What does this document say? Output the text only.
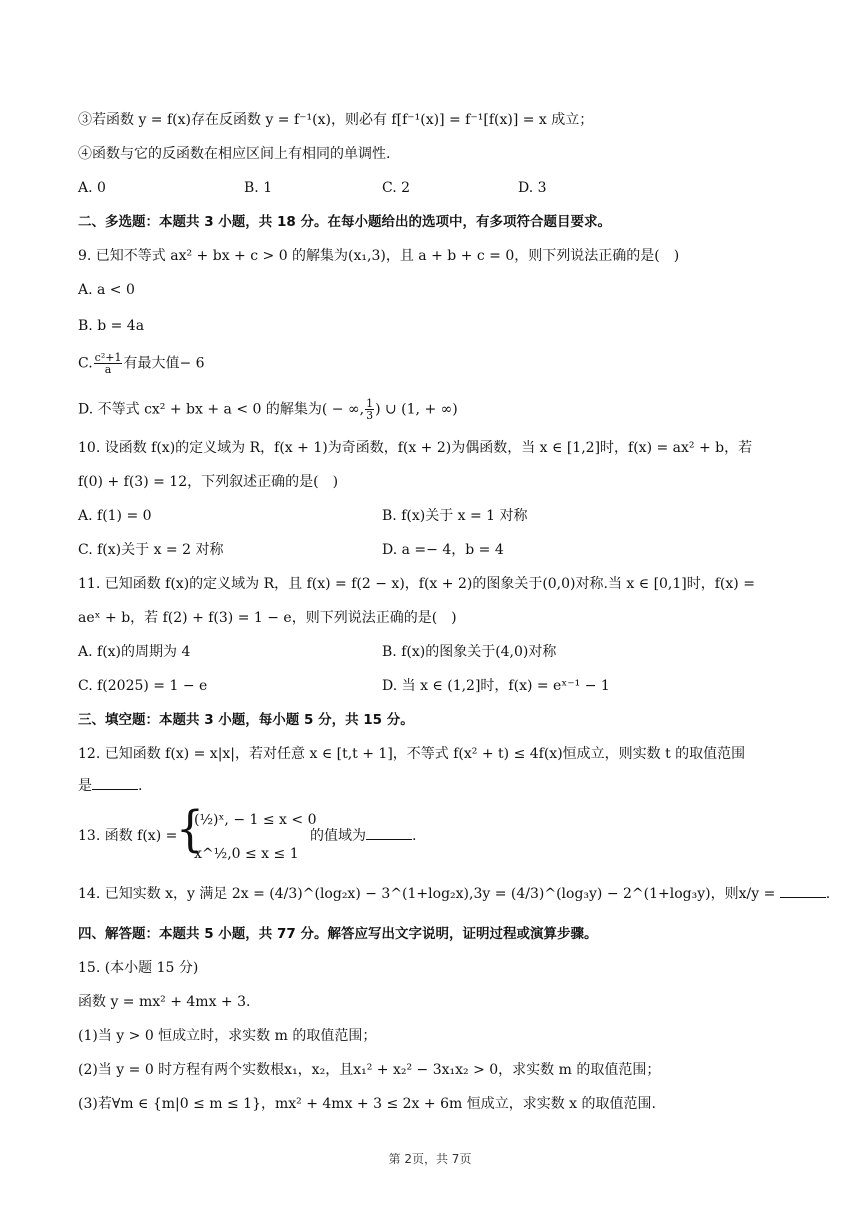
③若函数 y = f(x)存在反函数 y = f⁻¹(x)，则必有 f[f⁻¹(x)] = f⁻¹[f(x)] = x 成立；
④函数与它的反函数在相应区间上有相同的单调性.
A. 0	B. 1	C. 2	D. 3
二、多选题：本题共 3 小题，共 18 分。在每小题给出的选项中，有多项符合题目要求。
9. 已知不等式 ax² + bx + c > 0 的解集为(x₁,3)，且 a + b + c = 0，则下列说法正确的是(　)
A. a < 0
B. b = 4a
C. $\frac{\text{c²+1}}{a}$ 有最大值− 6
D. 不等式 cx² + bx + a < 0 的解集为( − ∞, $\frac{1}{3}$ ) ∪ (1, + ∞)
10. 设函数 f(x)的定义域为 R，f(x + 1)为奇函数，f(x + 2)为偶函数，当 x ∈ [1,2]时，f(x) = ax² + b，若
f(0) + f(3) = 12，下列叙述正确的是(　)
A. f(1) = 0	B. f(x)关于 x = 1 对称
C. f(x)关于 x = 2 对称	D. a =− 4，b = 4
11. 已知函数 f(x)的定义域为 R，且 f(x) = f(2 − x)，f(x + 2)的图象关于(0,0)对称.当 x ∈ [0,1]时，f(x) =
aeˣ + b，若 f(2) + f(3) = 1 − e，则下列说法正确的是(　)
A. f(x)的周期为 4	B. f(x)的图象关于(4,0)对称
C. f(2025) = 1 − e	D. 当 x ∈ (1,2]时，f(x) = eˣ⁻¹ − 1
三、填空题：本题共 3 小题，每小题 5 分，共 15 分。
12. 已知函数 f(x) = x|x|，若对任意 x ∈ [t,t + 1]，不等式 f(x² + t) ≤ 4f(x)恒成立，则实数 t 的取值范围
是	.
13. 函数 f(x) =
{
(½)ˣ, − 1 ≤ x < 0
x^½,0 ≤ x ≤ 1
的值域为	.
14. 已知实数 x，y 满足 2x = (4/3)^(log₂x) − 3^(1+log₂x),3y = (4/3)^(log₃y) − 2^(1+log₃y)，则x/y =	.
四、解答题：本题共 5 小题，共 77 分。解答应写出文字说明，证明过程或演算步骤。
15. (本小题 15 分)
函数 y = mx² + 4mx + 3.
(1)当 y > 0 恒成立时，求实数 m 的取值范围；
(2)当 y = 0 时方程有两个实数根x₁，x₂，且x₁² + x₂² − 3x₁x₂ > 0，求实数 m 的取值范围；
(3)若∀m ∈ {m|0 ≤ m ≤ 1}，mx² + 4mx + 3 ≤ 2x + 6m 恒成立，求实数 x 的取值范围.
第 2页，共 7页
